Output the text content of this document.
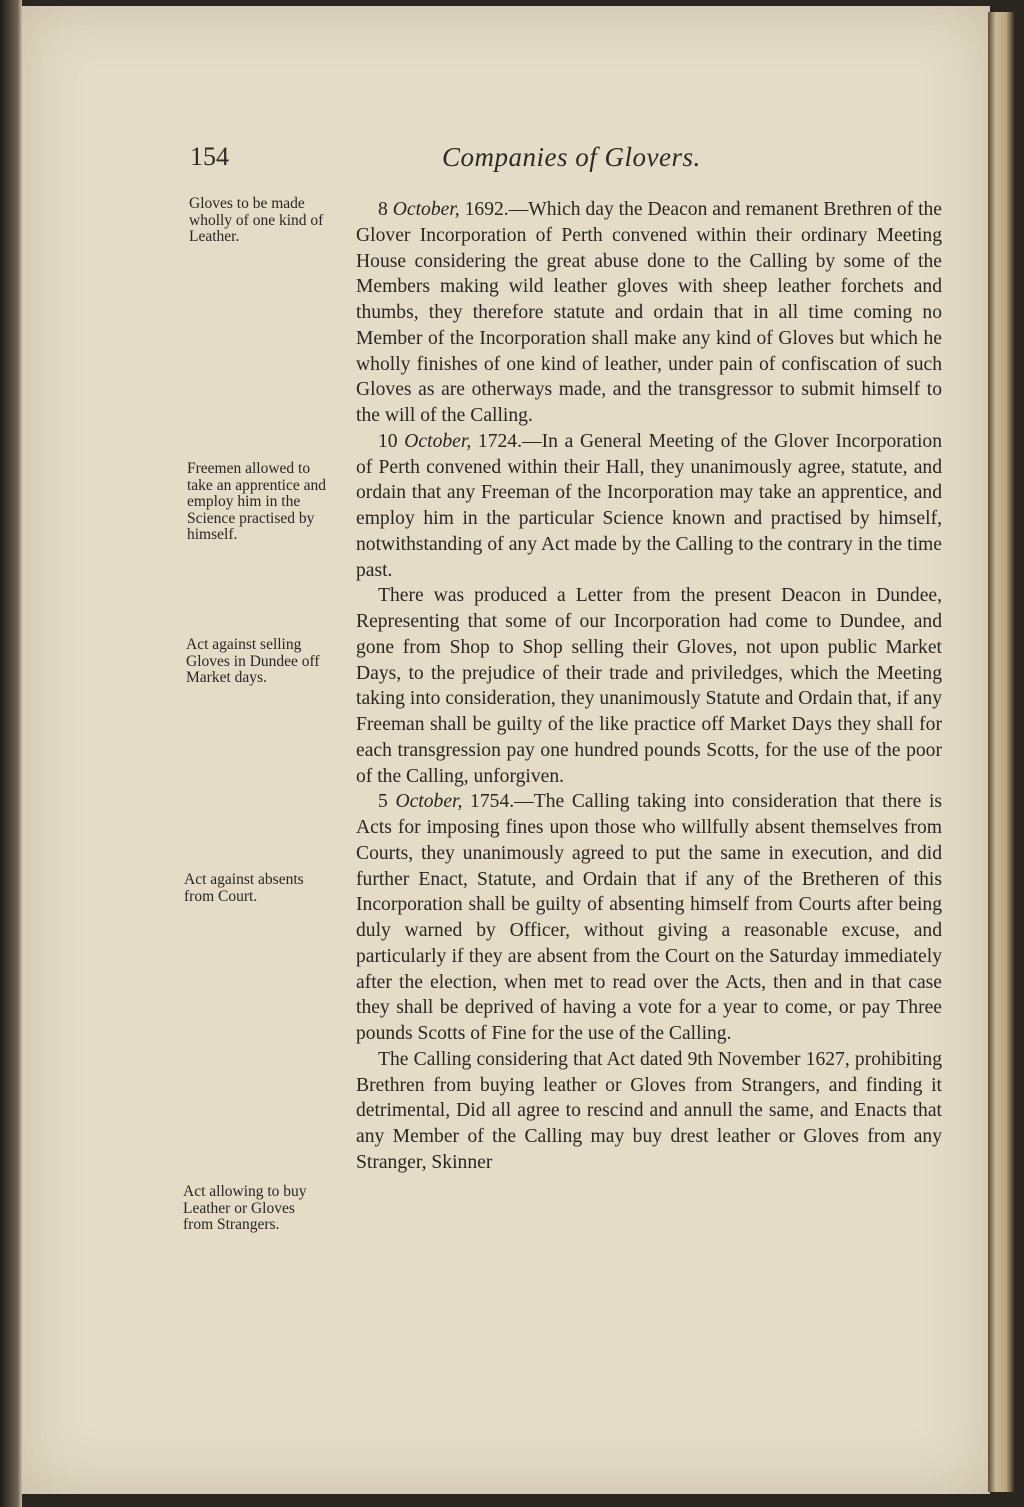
154	Companies of Glovers.
Gloves to be made wholly of one kind of Leather.
Freemen allowed to take an apprentice and employ him in the Science practised by himself.
Act against selling Gloves in Dundee off Market days.
Act against absents from Court.
Act allowing to buy Leather or Gloves from Strangers.

8 October, 1692.—Which day the Deacon and remanent Brethren of the Glover Incorporation of Perth convened within their ordinary Meeting House considering the great abuse done to the Calling by some of the Members making wild leather gloves with sheep leather forchets and thumbs, they therefore statute and ordain that in all time coming no Member of the Incorporation shall make any kind of Gloves but which he wholly finishes of one kind of leather, under pain of confiscation of such Gloves as are otherways made, and the transgressor to submit himself to the will of the Calling.

10 October, 1724.—In a General Meeting of the Glover Incorporation of Perth convened within their Hall, they unanimously agree, statute, and ordain that any Freeman of the Incorporation may take an apprentice, and employ him in the particular Science known and practised by himself, notwithstanding of any Act made by the Calling to the contrary in the time past.

There was produced a Letter from the present Deacon in Dundee, Representing that some of our Incorporation had come to Dundee, and gone from Shop to Shop selling their Gloves, not upon public Market Days, to the prejudice of their trade and priviledges, which the Meeting taking into consideration, they unanimously Statute and Ordain that, if any Freeman shall be guilty of the like practice off Market Days they shall for each transgression pay one hundred pounds Scotts, for the use of the poor of the Calling, unforgiven.

5 October, 1754.—The Calling taking into consideration that there is Acts for imposing fines upon those who willfully absent themselves from Courts, they unanimously agreed to put the same in execution, and did further Enact, Statute, and Ordain that if any of the Bretheren of this Incorporation shall be guilty of absenting himself from Courts after being duly warned by Officer, without giving a reasonable excuse, and particularly if they are absent from the Court on the Saturday immediately after the election, when met to read over the Acts, then and in that case they shall be deprived of having a vote for a year to come, or pay Three pounds Scotts of Fine for the use of the Calling.

The Calling considering that Act dated 9th November 1627, prohibiting Brethren from buying leather or Gloves from Strangers, and finding it detrimental, Did all agree to rescind and annull the same, and Enacts that any Member of the Calling may buy drest leather or Gloves from any Stranger, Skinner
